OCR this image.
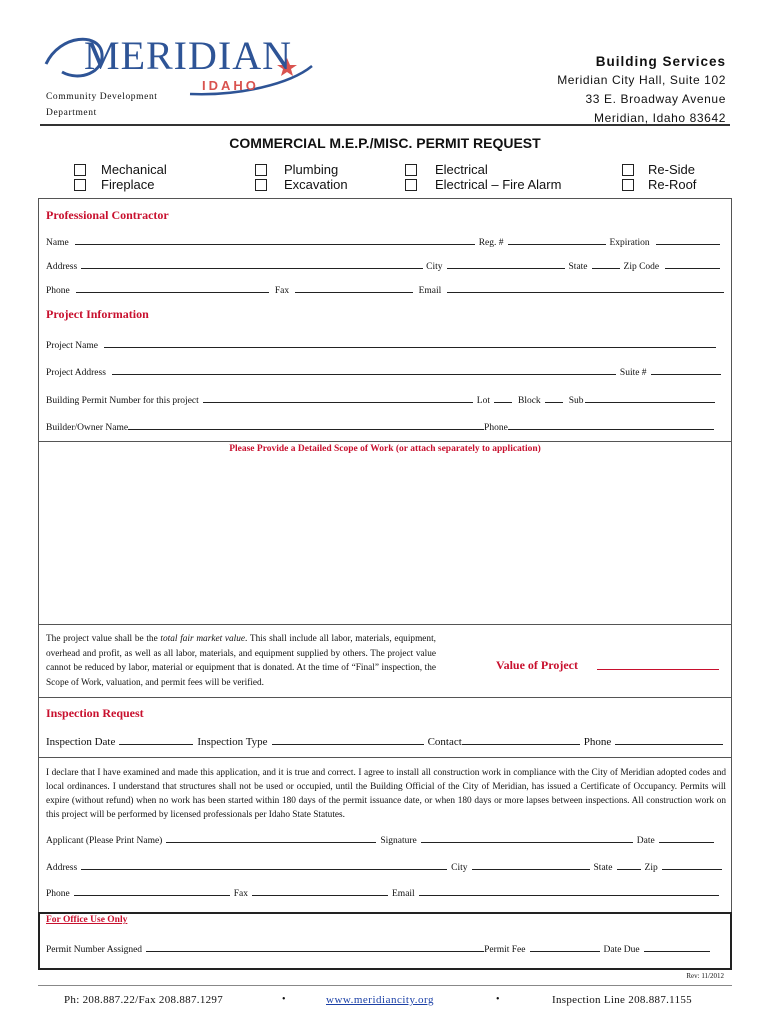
MERIDIAN
IDAHO
Community Development
Department
Building Services
Meridian City Hall, Suite 102
33 E. Broadway Avenue
Meridian, Idaho 83642
COMMERCIAL M.E.P./MISC. PERMIT REQUEST
Mechanical
Fireplace
Plumbing
Excavation
Electrical
Electrical – Fire Alarm
Re-Side
Re-Roof
Professional Contractor
Name	Reg. #	Expiration
Address	City	State	Zip Code
Phone	Fax	Email
Project Information
Project Name
Project Address	Suite #
Building Permit Number for this project	Lot	Block	Sub
Builder/Owner Name	Phone
Please Provide a Detailed Scope of Work (or attach separately to application)
The project value shall be the total fair market value. This shall include all labor, materials, equipment, overhead and profit, as well as all labor, materials, and equipment supplied by others. The project value cannot be reduced by labor, material or equipment that is donated. At the time of “Final” inspection, the Scope of Work, valuation, and permit fees will be verified.
Value of Project
Inspection Request
Inspection Date	Inspection Type	Contact	Phone
I declare that I have examined and made this application, and it is true and correct. I agree to install all construction work in compliance with the City of Meridian adopted codes and local ordinances. I understand that structures shall not be used or occupied, until the Building Official of the City of Meridian, has issued a Certificate of Occupancy. Permits will expire (without refund) when no work has been started within 180 days of the permit issuance date, or when 180 days or more lapses between inspections. All construction work on this project will be performed by licensed professionals per Idaho State Statutes.
Applicant (Please Print Name)	Signature	Date
Address	City	State	Zip
Phone	Fax	Email
For Office Use Only
Permit Number Assigned	Permit Fee	Date Due
Rev: 11/2012
Ph: 208.887.22/Fax 208.887.1297	•	www.meridiancity.org	•	Inspection Line 208.887.1155
